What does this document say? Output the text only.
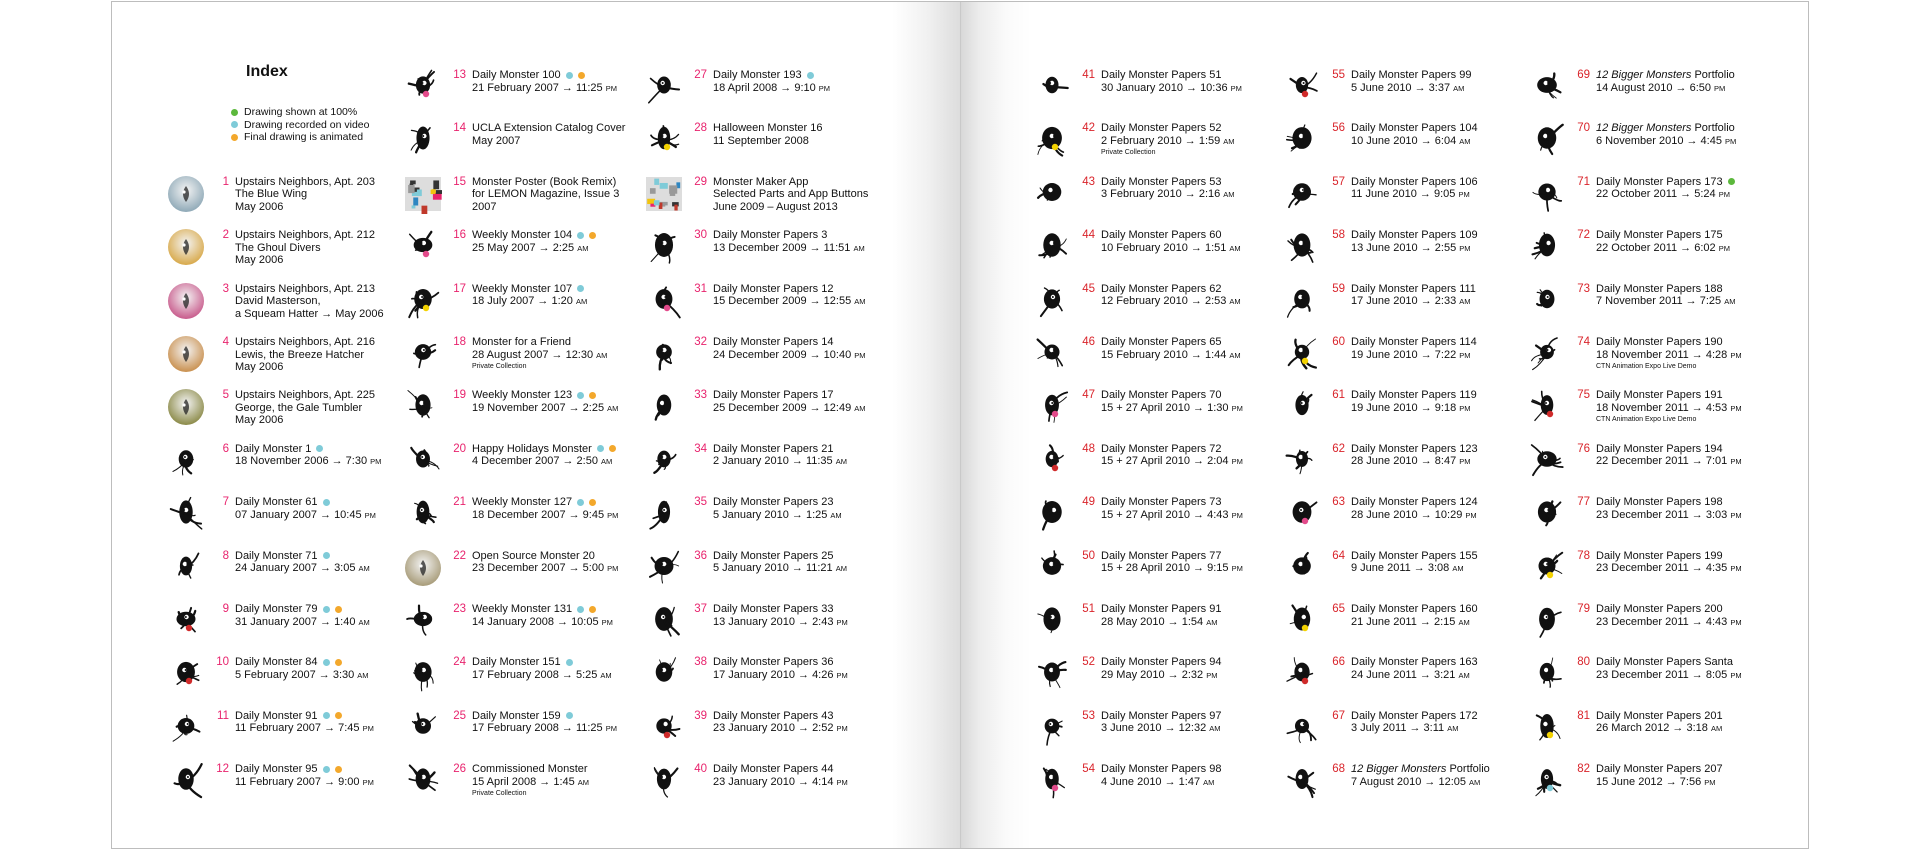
Index
Drawing shown at 100%
Drawing recorded on video
Final drawing is animated
1 Upstairs Neighbors, Apt. 203
The Blue Wing
May 2006
2 Upstairs Neighbors, Apt. 212
The Ghoul Divers
May 2006
3 Upstairs Neighbors, Apt. 213
David Masterson,
a Squeam Hatter → May 2006
4 Upstairs Neighbors, Apt. 216
Lewis, the Breeze Hatcher
May 2006
5 Upstairs Neighbors, Apt. 225
George, the Gale Tumbler
May 2006
6 Daily Monster 1
18 November 2006 → 7:30 PM
7 Daily Monster 61
07 January 2007 → 10:45 PM
8 Daily Monster 71
24 January 2007 → 3:05 AM
9 Daily Monster 79
31 January 2007 → 1:40 AM
10 Daily Monster 84
5 February 2007 → 3:30 AM
11 Daily Monster 91
11 February 2007 → 7:45 PM
12 Daily Monster 95
11 February 2007 → 9:00 PM
13 Daily Monster 100
21 February 2007 → 11:25 PM
14 UCLA Extension Catalog Cover
May 2007
15 Monster Poster (Book Remix)
for LEMON Magazine, Issue 3
2007
16 Weekly Monster 104
25 May 2007 → 2:25 AM
17 Weekly Monster 107
18 July 2007 → 1:20 AM
18 Monster for a Friend
28 August 2007 → 12:30 AM
Private Collection
19 Weekly Monster 123
19 November 2007 → 2:25 AM
20 Happy Holidays Monster
4 December 2007 → 2:50 AM
21 Weekly Monster 127
18 December 2007 → 9:45 PM
22 Open Source Monster 20
23 December 2007 → 5:00 PM
23 Weekly Monster 131
14 January 2008 → 10:05 PM
24 Daily Monster 151
17 February 2008 → 5:25 AM
25 Daily Monster 159
17 February 2008 → 11:25 PM
26 Commissioned Monster
15 April 2008 → 1:45 AM
Private Collection
27 Daily Monster 193
18 April 2008 → 9:10 PM
28 Halloween Monster 16
11 September 2008
29 Monster Maker App
Selected Parts and App Buttons
June 2009 – August 2013
30 Daily Monster Papers 3
13 December 2009 → 11:51 AM
31 Daily Monster Papers 12
15 December 2009 → 12:55 AM
32 Daily Monster Papers 14
24 December 2009 → 10:40 PM
33 Daily Monster Papers 17
25 December 2009 → 12:49 AM
34 Daily Monster Papers 21
2 January 2010 → 11:35 AM
35 Daily Monster Papers 23
5 January 2010 → 1:25 AM
36 Daily Monster Papers 25
5 January 2010 → 11:21 AM
37 Daily Monster Papers 33
13 January 2010 → 2:43 PM
38 Daily Monster Papers 36
17 January 2010 → 4:26 PM
39 Daily Monster Papers 43
23 January 2010 → 2:52 PM
40 Daily Monster Papers 44
23 January 2010 → 4:14 PM
41 Daily Monster Papers 51
30 January 2010 → 10:36 PM
42 Daily Monster Papers 52
2 February 2010 → 1:59 AM
Private Collection
43 Daily Monster Papers 53
3 February 2010 → 2:16 AM
44 Daily Monster Papers 60
10 February 2010 → 1:51 AM
45 Daily Monster Papers 62
12 February 2010 → 2:53 AM
46 Daily Monster Papers 65
15 February 2010 → 1:44 AM
47 Daily Monster Papers 70
15 + 27 April 2010 → 1:30 PM
48 Daily Monster Papers 72
15 + 27 April 2010 → 2:04 PM
49 Daily Monster Papers 73
15 + 27 April 2010 → 4:43 PM
50 Daily Monster Papers 77
15 + 28 April 2010 → 9:15 PM
51 Daily Monster Papers 91
28 May 2010 → 1:54 AM
52 Daily Monster Papers 94
29 May 2010 → 2:32 PM
53 Daily Monster Papers 97
3 June 2010 → 12:32 AM
54 Daily Monster Papers 98
4 June 2010 → 1:47 AM
55 Daily Monster Papers 99
5 June 2010 → 3:37 AM
56 Daily Monster Papers 104
10 June 2010 → 6:04 AM
57 Daily Monster Papers 106
11 June 2010 → 9:05 PM
58 Daily Monster Papers 109
13 June 2010 → 2:55 PM
59 Daily Monster Papers 111
17 June 2010 → 2:33 AM
60 Daily Monster Papers 114
19 June 2010 → 7:22 PM
61 Daily Monster Papers 119
19 June 2010 → 9:18 PM
62 Daily Monster Papers 123
28 June 2010 → 8:47 PM
63 Daily Monster Papers 124
28 June 2010 → 10:29 PM
64 Daily Monster Papers 155
9 June 2011 → 3:08 AM
65 Daily Monster Papers 160
21 June 2011 → 2:15 AM
66 Daily Monster Papers 163
24 June 2011 → 3:21 AM
67 Daily Monster Papers 172
3 July 2011 → 3:11 AM
68 12 Bigger Monsters Portfolio
7 August 2010 → 12:05 AM
69 12 Bigger Monsters Portfolio
14 August 2010 → 6:50 PM
70 12 Bigger Monsters Portfolio
6 November 2010 → 4:45 PM
71 Daily Monster Papers 173
22 October 2011 → 5:24 PM
72 Daily Monster Papers 175
22 October 2011 → 6:02 PM
73 Daily Monster Papers 188
7 November 2011 → 7:25 AM
74 Daily Monster Papers 190
18 November 2011 → 4:28 PM
CTN Animation Expo Live Demo
75 Daily Monster Papers 191
18 November 2011 → 4:53 PM
CTN Animation Expo Live Demo
76 Daily Monster Papers 194
22 December 2011 → 7:01 PM
77 Daily Monster Papers 198
23 December 2011 → 3:03 PM
78 Daily Monster Papers 199
23 December 2011 → 4:35 PM
79 Daily Monster Papers 200
23 December 2011 → 4:43 PM
80 Daily Monster Papers Santa
23 December 2011 → 8:05 PM
81 Daily Monster Papers 201
26 March 2012 → 3:18 AM
82 Daily Monster Papers 207
15 June 2012 → 7:56 PM
